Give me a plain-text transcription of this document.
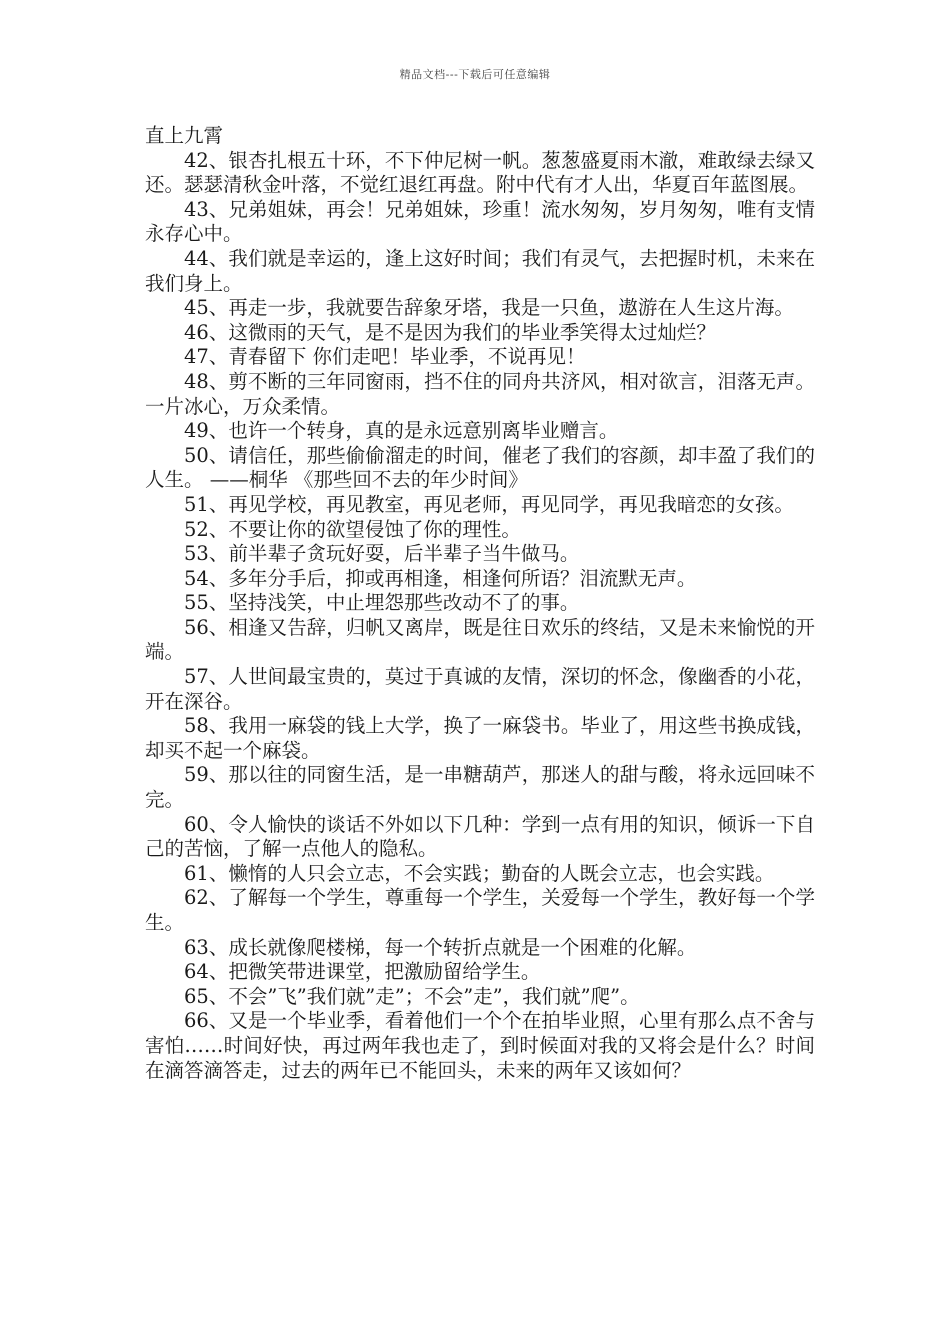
精品文档---下载后可任意编辑

直上九霄

42、银杏扎根五十环，不下仲尼树一帆。葱葱盛夏雨木澈，难敢绿去绿又还。瑟瑟清秋金叶落，不觉红退红再盘。附中代有才人出，华夏百年蓝图展。

43、兄弟姐妹，再会！兄弟姐妹，珍重！流水匆匆，岁月匆匆，唯有支情永存心中。

44、我们就是幸运的，逢上这好时间；我们有灵气，去把握时机，未来在我们身上。

45、再走一步，我就要告辞象牙塔，我是一只鱼，遨游在人生这片海。

46、这微雨的天气，是不是因为我们的毕业季笑得太过灿烂？

47、青春留下 你们走吧！毕业季，不说再见！

48、剪不断的三年同窗雨，挡不住的同舟共济风，相对欲言，泪落无声。一片冰心，万众柔情。

49、也许一个转身，真的是永远意别离毕业赠言。

50、请信任，那些偷偷溜走的时间，催老了我们的容颜，却丰盈了我们的人生。 ——桐华 《那些回不去的年少时间》

51、再见学校，再见教室，再见老师，再见同学，再见我暗恋的女孩。

52、不要让你的欲望侵蚀了你的理性。

53、前半辈子贪玩好耍，后半辈子当牛做马。

54、多年分手后，抑或再相逢，相逢何所语？泪流默无声。

55、坚持浅笑，中止埋怨那些改动不了的事。

56、相逢又告辞，归帆又离岸，既是往日欢乐的终结，又是未来愉悦的开端。

57、人世间最宝贵的，莫过于真诚的友情，深切的怀念，像幽香的小花，开在深谷。

58、我用一麻袋的钱上大学，换了一麻袋书。毕业了，用这些书换成钱，却买不起一个麻袋。

59、那以往的同窗生活，是一串糖葫芦，那迷人的甜与酸，将永远回味不完。

60、令人愉快的谈话不外如以下几种：学到一点有用的知识，倾诉一下自己的苦恼，了解一点他人的隐私。

61、懒惰的人只会立志，不会实践；勤奋的人既会立志，也会实践。

62、了解每一个学生，尊重每一个学生，关爱每一个学生，教好每一个学生。

63、成长就像爬楼梯，每一个转折点就是一个困难的化解。

64、把微笑带进课堂，把激励留给学生。

65、不会”飞”我们就”走”；不会”走”，我们就”爬”。

66、又是一个毕业季，看着他们一个个在拍毕业照，心里有那么点不舍与害怕……时间好快，再过两年我也走了，到时候面对我的又将会是什么？时间在滴答滴答走，过去的两年已不能回头，未来的两年又该如何？
